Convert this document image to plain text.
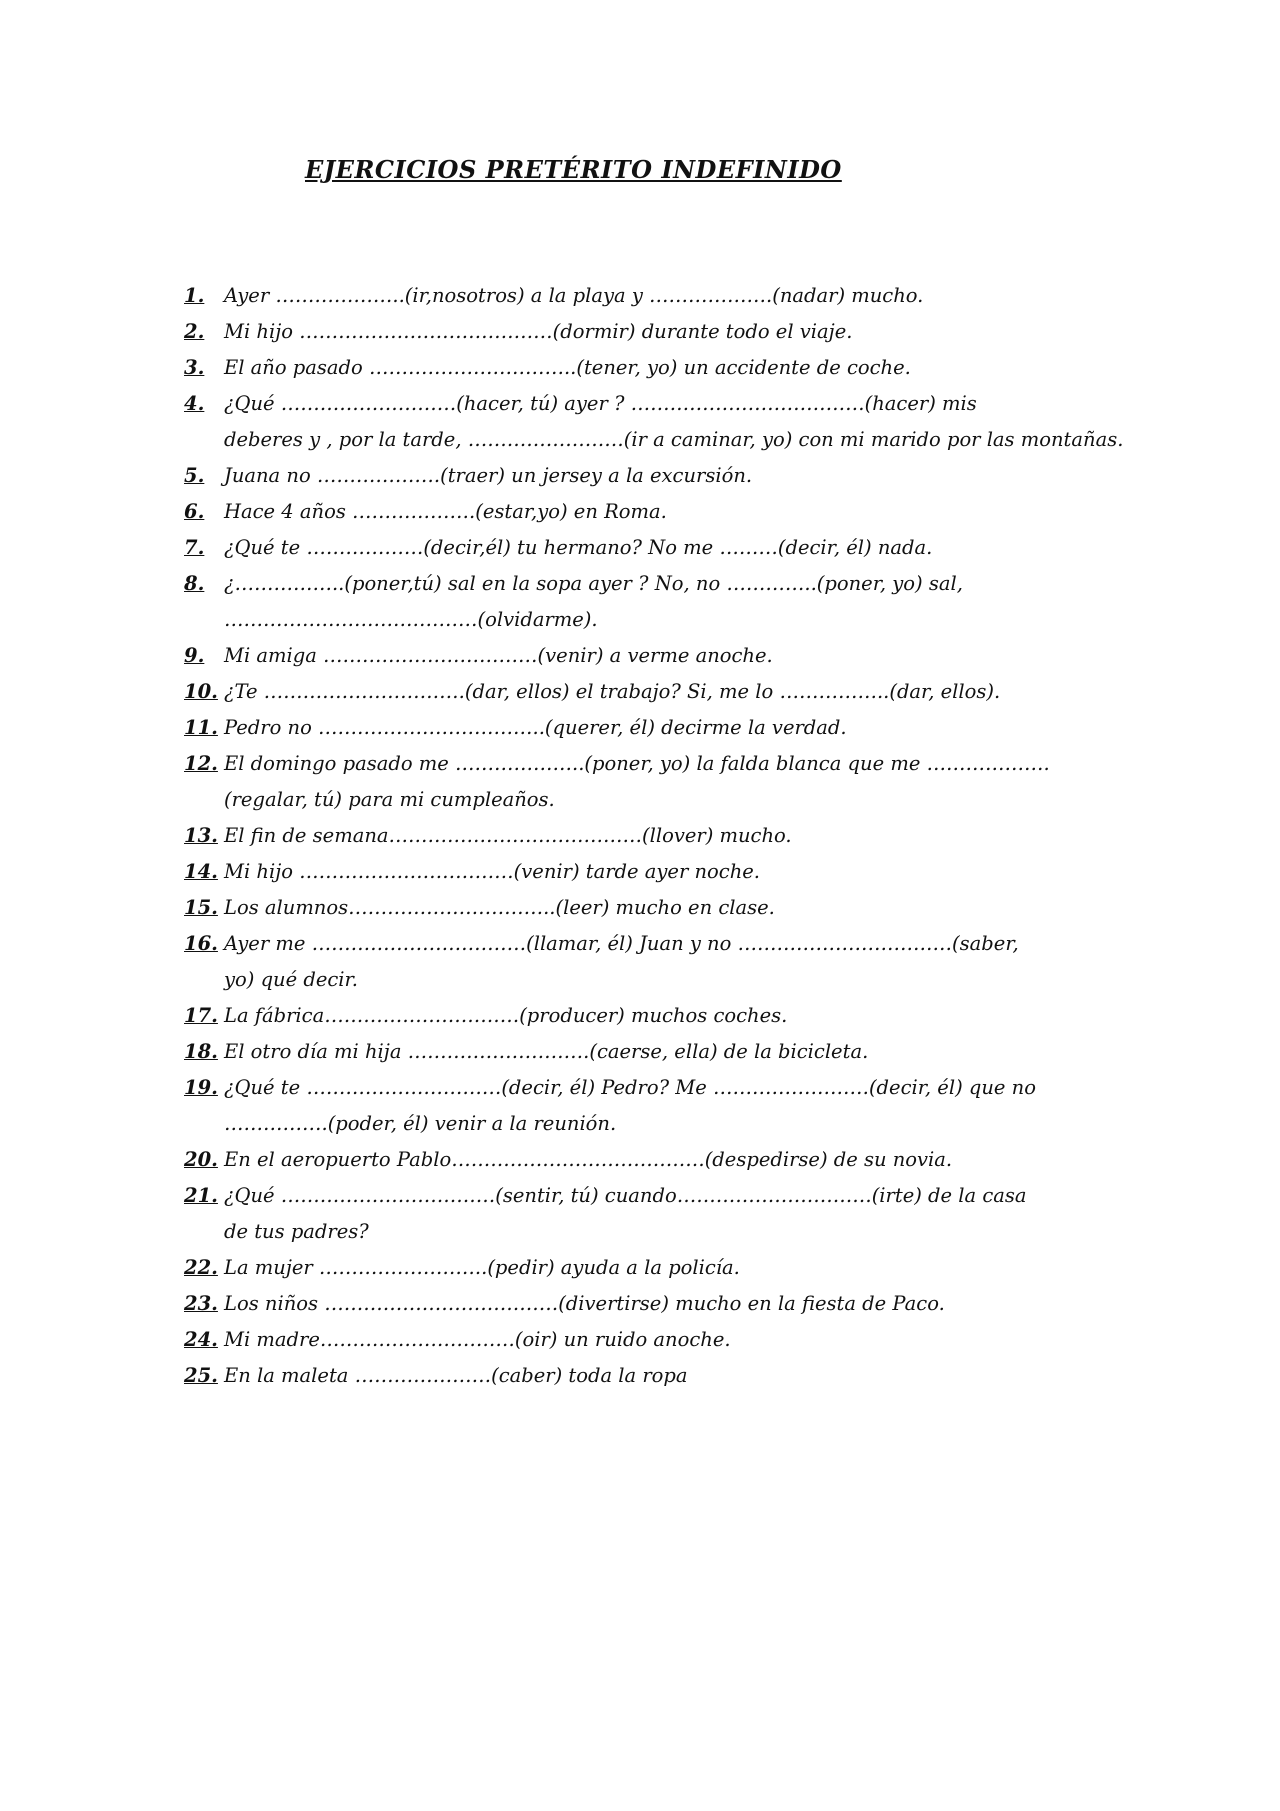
EJERCICIOS PRETÉRITO INDEFINIDO
1.	Ayer ………………..(ir,nosotros) a la playa y ……………….(nadar) mucho.
2.	Mi hijo …………………………………(dormir) durante todo el viaje.
3.	El año pasado …………………………..(tener, yo) un accidente de coche.
4.	¿Qué ………………………(hacer, tú) ayer ? ………………………………(hacer) mis
deberes y , por la tarde, ……………………(ir a caminar, yo) con mi marido por las montañas.
5.	Juana no ……………….(traer) un jersey a la excursión.
6.	Hace 4 años ……………….(estar,yo) en Roma.
7.	¿Qué te ………………(decir,él) tu hermano? No me ………(decir, él) nada.
8.	¿……………..(poner,tú) sal en la sopa ayer ? No, no …………..(poner, yo) sal,
…………………………………(olvidarme).
9.	Mi amiga ……………………………(venir) a verme anoche.
10. ¿Te ………………………….(dar, ellos) el trabajo? Si, me lo ……………..(dar, ellos).
11. Pedro no ……………………………..(querer, él) decirme la verdad.
12. El domingo pasado me ………………..(poner, yo) la falda blanca que me ……………….
(regalar, tú) para mi cumpleaños.
13. El fin de semana…………………………………(llover) mucho.
14. Mi hijo ……………………………(venir) tarde ayer noche.
15. Los alumnos…………………………..(leer) mucho en clase.
16. Ayer me ……………………………(llamar, él) Juan y no ……………………………(saber,
yo) qué decir.
17. La fábrica…………………………(producer) muchos coches.
18. El otro día mi hija ……………………….(caerse, ella) de la bicicleta.
19. ¿Qué te …………………………(decir, él) Pedro? Me ……………………(decir, él) que no
…………….(poder, él) venir a la reunión.
20. En el aeropuerto Pablo…………………………………(despedirse) de su novia.
21. ¿Qué ……………………………(sentir, tú) cuando…………………………(irte) de la casa
de tus padres?
22. La mujer ……………………..(pedir) ayuda a la policía.
23. Los niños ………………………………(divertirse) mucho en la fiesta de Paco.
24. Mi madre…………………………(oir) un ruido anoche.
25. En la maleta …………………(caber) toda la ropa
